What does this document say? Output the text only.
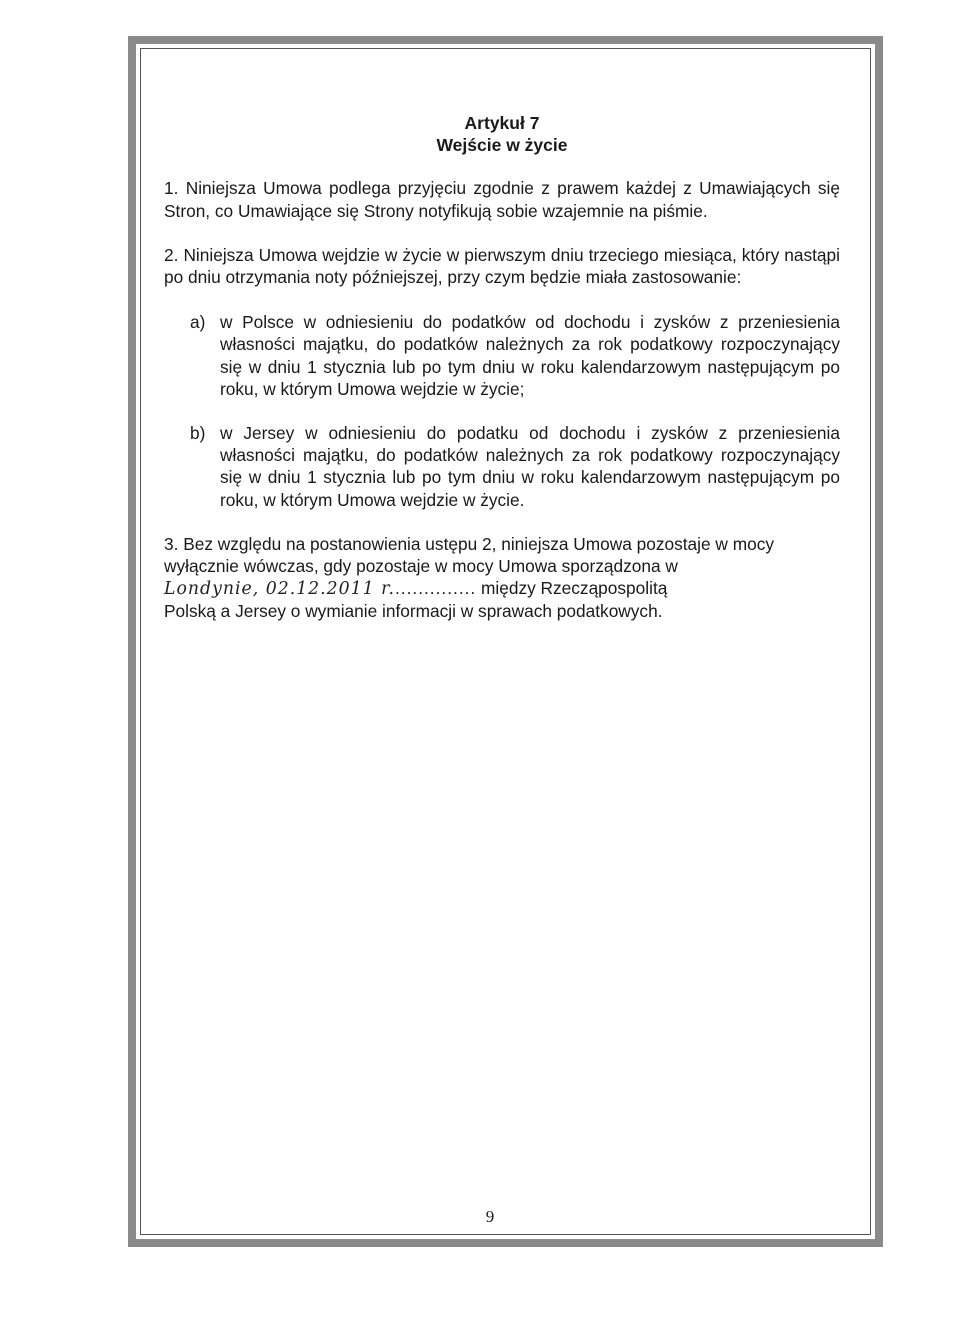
Artykuł 7
Wejście w życie

1. Niniejsza Umowa podlega przyjęciu zgodnie z prawem każdej z Umawiających się Stron, co Umawiające się Strony notyfikują sobie wzajemnie na piśmie.

2. Niniejsza Umowa wejdzie w życie w pierwszym dniu trzeciego miesiąca, który nastąpi po dniu otrzymania noty późniejszej, przy czym będzie miała zastosowanie:

a) w Polsce w odniesieniu do podatków od dochodu i zysków z przeniesienia własności majątku, do podatków należnych za rok podatkowy rozpoczynający się w dniu 1 stycznia lub po tym dniu w roku kalendarzowym następującym po roku, w którym Umowa wejdzie w życie;
b) w Jersey w odniesieniu do podatku od dochodu i zysków z przeniesienia własności majątku, do podatków należnych za rok podatkowy rozpoczynający się w dniu 1 stycznia lub po tym dniu w roku kalendarzowym następującym po roku, w którym Umowa wejdzie w życie.
3. Bez względu na postanowienia ustępu 2, niniejsza Umowa pozostaje w mocy
wyłącznie wówczas, gdy pozostaje w mocy Umowa sporządzona w
Londynie, 02.12.2011 r............... między Rzecząpospolitą
Polską a Jersey o wymianie informacji w sprawach podatkowych.
9
